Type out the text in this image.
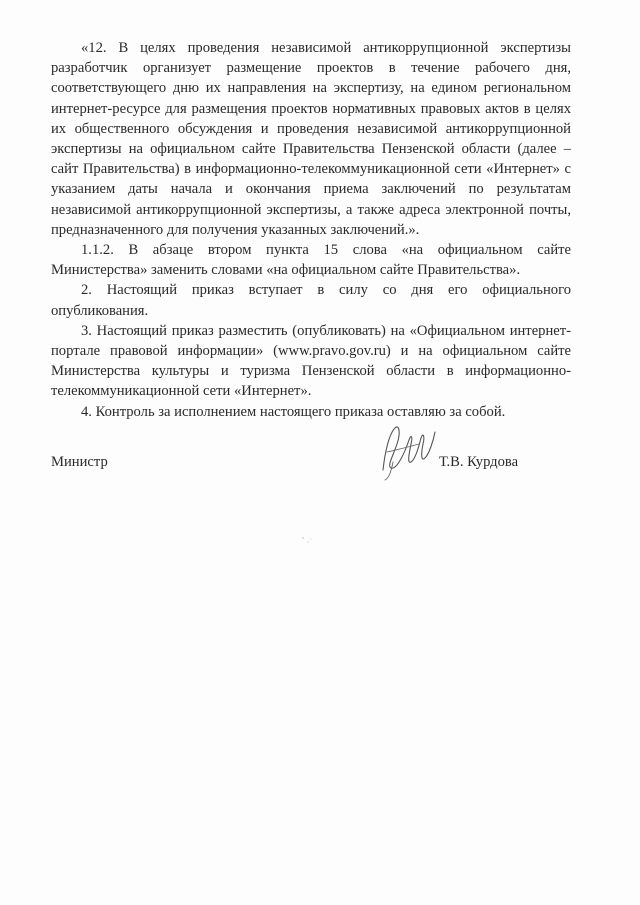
«12. В целях проведения независимой антикоррупционной экспертизы разработчик организует размещение проектов в течение рабочего дня, соответствующего дню их направления на экспертизу, на едином региональном интернет-ресурсе для размещения проектов нормативных правовых актов в целях их общественного обсуждения и проведения независимой антикоррупционной экспертизы на официальном сайте Правительства Пензенской области (далее – сайт Правительства) в информационно-телекоммуникационной сети «Интернет» с указанием даты начала и окончания приема заключений по результатам независимой антикоррупционной экспертизы, а также адреса электронной почты, предназначенного для получения указанных заключений.».

1.1.2. В абзаце втором пункта 15 слова «на официальном сайте Министерства» заменить словами «на официальном сайте Правительства».

2. Настоящий приказ вступает в силу со дня его официального опубликования.

3. Настоящий приказ разместить (опубликовать) на «Официальном интернет-портале правовой информации» (www.pravo.gov.ru) и на официальном сайте Министерства культуры и туризма Пензенской области в информационно-телекоммуникационной сети «Интернет».

4. Контроль за исполнением настоящего приказа оставляю за собой.

Министр	Т.В. Курдова
